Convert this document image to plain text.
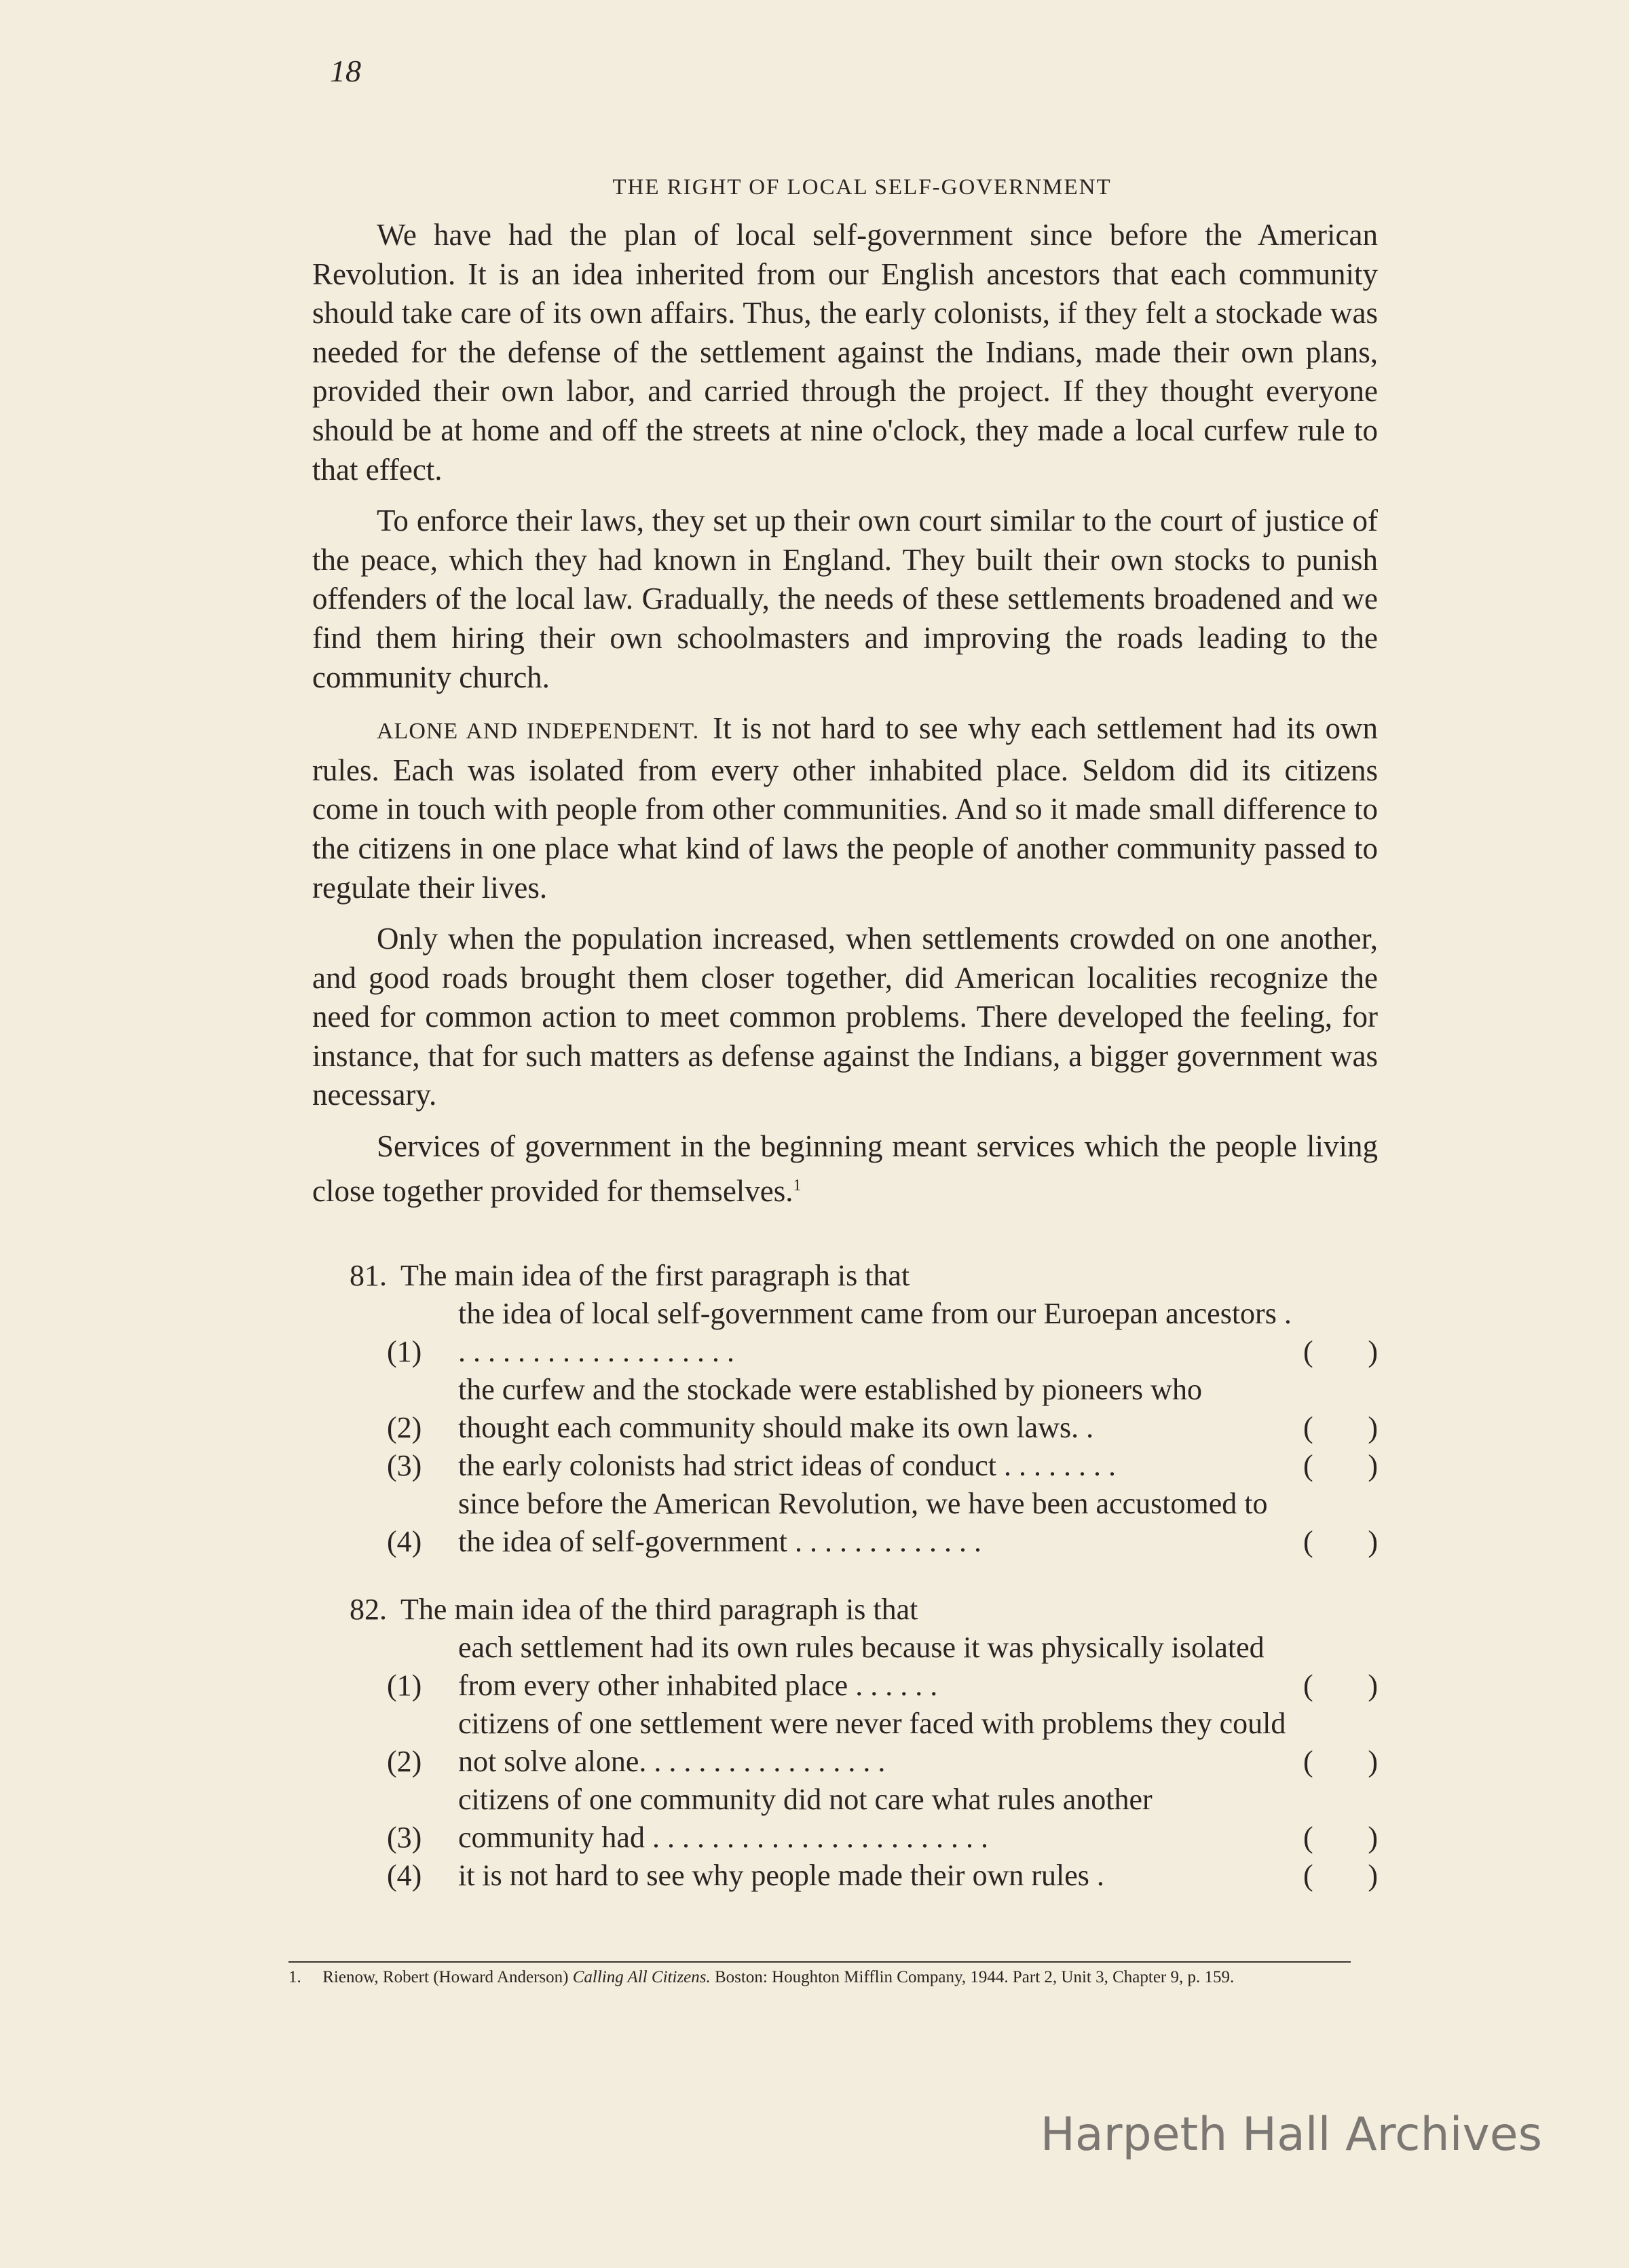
18
THE RIGHT OF LOCAL SELF-GOVERNMENT

We have had the plan of local self-government since before the American Revolution. It is an idea inherited from our English ancestors that each community should take care of its own affairs. Thus, the early colonists, if they felt a stockade was needed for the defense of the settlement against the Indians, made their own plans, provided their own labor, and carried through the project. If they thought everyone should be at home and off the streets at nine o'clock, they made a local curfew rule to that effect.

To enforce their laws, they set up their own court similar to the court of justice of the peace, which they had known in England. They built their own stocks to punish offenders of the local law. Gradually, the needs of these settlements broadened and we find them hiring their own schoolmasters and improving the roads leading to the community church.

ALONE AND INDEPENDENT. It is not hard to see why each settlement had its own rules. Each was isolated from every other inhabited place. Seldom did its citizens come in touch with people from other communities. And so it made small difference to the citizens in one place what kind of laws the people of another community passed to regulate their lives.

Only when the population increased, when settlements crowded on one another, and good roads brought them closer together, did American localities recognize the need for common action to meet common problems. There developed the feeling, for instance, that for such matters as defense against the Indians, a bigger government was necessary.

Services of government in the beginning meant services which the people living close together provided for themselves.$^1$

81. The main idea of the first paragraph is that
(1)
the idea of local self-government came from our Euroepan ancestors . . . . . . . . . . . . . . . . . . . .	( )
(2)
the curfew and the stockade were established by pioneers who thought each community should make its own laws. .	( )
(3)	the early colonists had strict ideas of conduct . . . . . . . .	( )
(4)
since before the American Revolution, we have been accustomed to the idea of self-government . . . . . . . . . . . . .	( )
82. The main idea of the third paragraph is that
(1)
each settlement had its own rules because it was physically isolated from every other inhabited place . . . . . .	( )
(2)
citizens of one settlement were never faced with problems they could not solve alone. . . . . . . . . . . . . . . . .	( )
(3)
citizens of one community did not care what rules another community had . . . . . . . . . . . . . . . . . . . . . . .	( )
(4)	it is not hard to see why people made their own rules .	( )
1. Rienow, Robert (Howard Anderson) Calling All Citizens. Boston: Houghton Mifflin Company, 1944. Part 2, Unit 3, Chapter 9, p. 159.
Harpeth Hall Archives
